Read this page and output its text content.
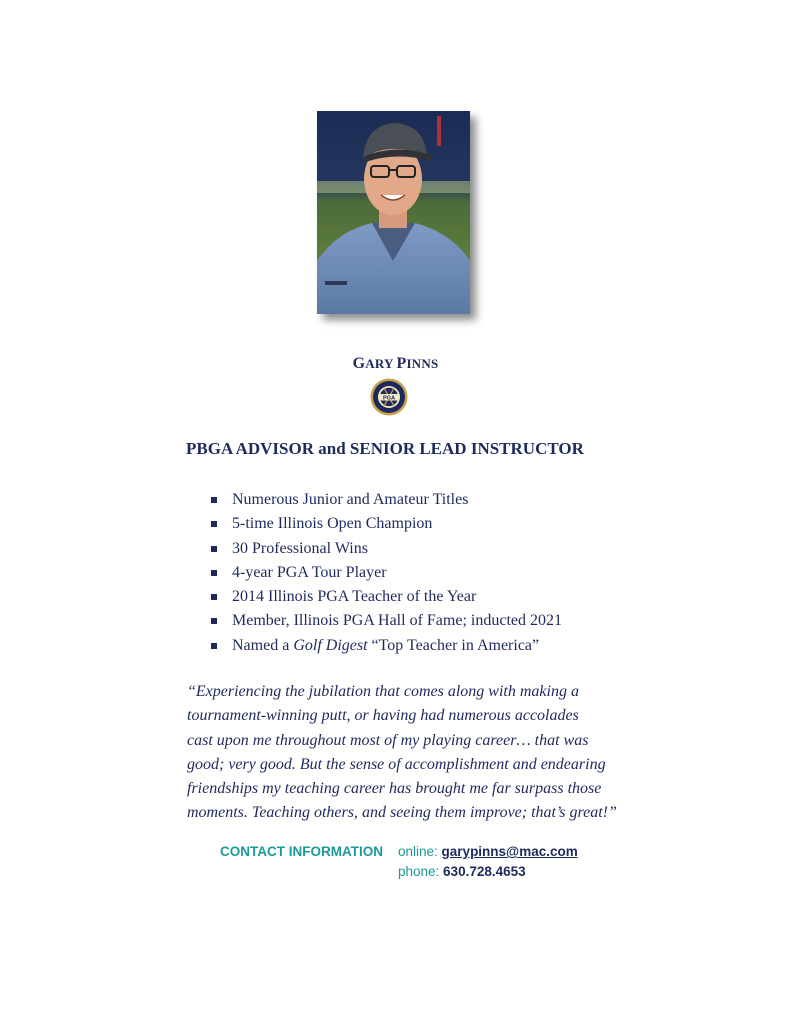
GARY PINNS
PGA
PBGA ADVISOR and SENIOR LEAD INSTRUCTOR
Numerous Junior and Amateur Titles
5-time Illinois Open Champion
30 Professional Wins
4-year PGA Tour Player
2014 Illinois PGA Teacher of the Year
Member, Illinois PGA Hall of Fame; inducted 2021
Named a Golf Digest “Top Teacher in America”
“Experiencing the jubilation that comes along with making a
tournament-winning putt, or having had numerous accolades
cast upon me throughout most of my playing career… that was
good; very good. But the sense of accomplishment and endearing
friendships my teaching career has brought me far surpass those
moments. Teaching others, and seeing them improve; that’s great!”
CONTACT INFORMATION online: garypinns@mac.com
phone: 630.728.4653
